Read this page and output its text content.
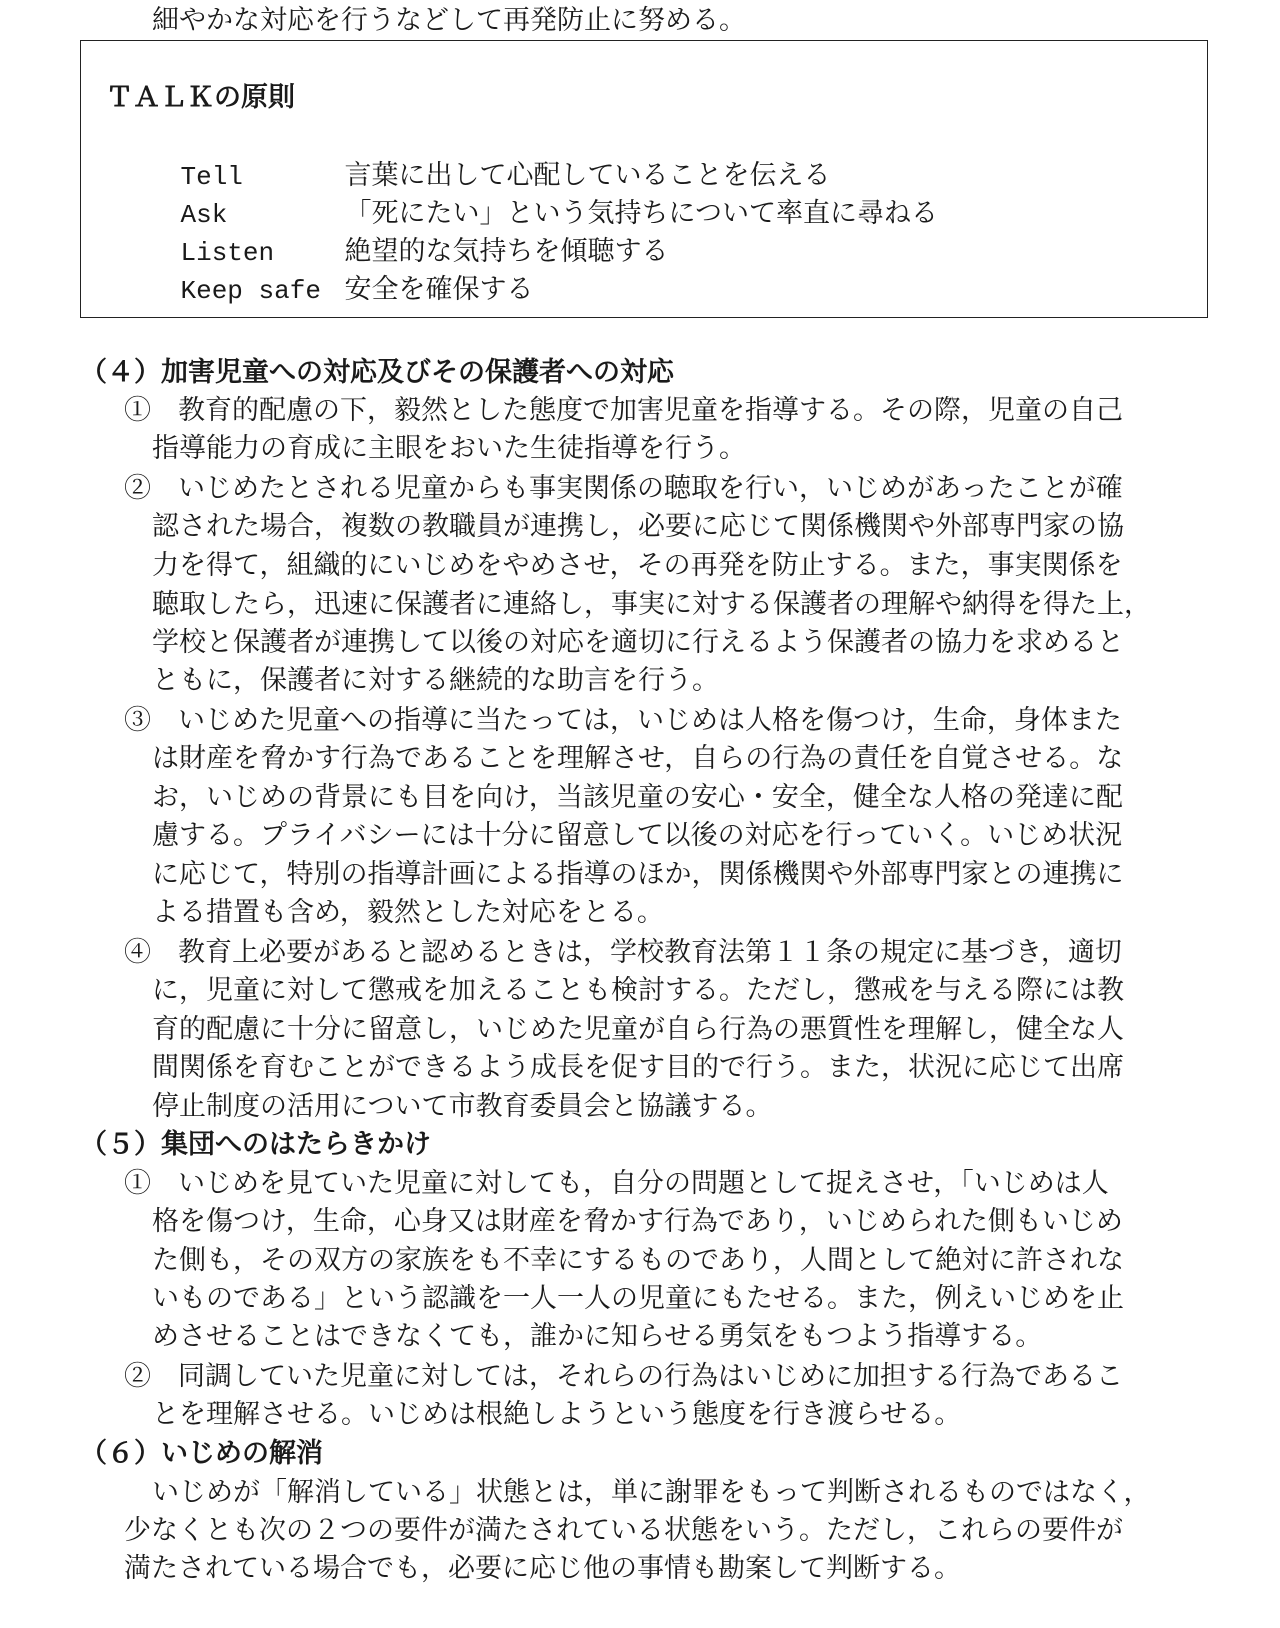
細やかな対応を行うなどして再発防止に努める。
ＴＡＬＫの原則

Tell	言葉に出して心配していることを伝える

Ask	「死にたい」という気持ちについて率直に尋ねる

Listen	絶望的な気持ちを傾聴する

Keep safe 安全を確保する

（４）加害児童への対応及びその保護者への対応
①　教育的配慮の下，毅然とした態度で加害児童を指導する。その際，児童の自己
指導能力の育成に主眼をおいた生徒指導を行う。
②　いじめたとされる児童からも事実関係の聴取を行い，いじめがあったことが確
認された場合，複数の教職員が連携し，必要に応じて関係機関や外部専門家の協
力を得て，組織的にいじめをやめさせ，その再発を防止する。また，事実関係を
聴取したら，迅速に保護者に連絡し，事実に対する保護者の理解や納得を得た上，
学校と保護者が連携して以後の対応を適切に行えるよう保護者の協力を求めると
ともに，保護者に対する継続的な助言を行う。
③　いじめた児童への指導に当たっては，いじめは人格を傷つけ，生命，身体また
は財産を脅かす行為であることを理解させ，自らの行為の責任を自覚させる。な
お，いじめの背景にも目を向け，当該児童の安心・安全，健全な人格の発達に配
慮する。プライバシーには十分に留意して以後の対応を行っていく。いじめ状況
に応じて，特別の指導計画による指導のほか，関係機関や外部専門家との連携に
よる措置も含め，毅然とした対応をとる。
④　教育上必要があると認めるときは，学校教育法第１１条の規定に基づき，適切
に，児童に対して懲戒を加えることも検討する。ただし，懲戒を与える際には教
育的配慮に十分に留意し，いじめた児童が自ら行為の悪質性を理解し，健全な人
間関係を育むことができるよう成長を促す目的で行う。また，状況に応じて出席
停止制度の活用について市教育委員会と協議する。
（５）集団へのはたらきかけ
①　いじめを見ていた児童に対しても，自分の問題として捉えさせ，「いじめは人
格を傷つけ，生命，心身又は財産を脅かす行為であり，いじめられた側もいじめ
た側も，その双方の家族をも不幸にするものであり，人間として絶対に許されな
いものである」という認識を一人一人の児童にもたせる。また，例えいじめを止
めさせることはできなくても，誰かに知らせる勇気をもつよう指導する。
②　同調していた児童に対しては，それらの行為はいじめに加担する行為であるこ
とを理解させる。いじめは根絶しようという態度を行き渡らせる。
（６）いじめの解消
いじめが「解消している」状態とは，単に謝罪をもって判断されるものではなく，
少なくとも次の２つの要件が満たされている状態をいう。ただし，これらの要件が
満たされている場合でも，必要に応じ他の事情も勘案して判断する。
